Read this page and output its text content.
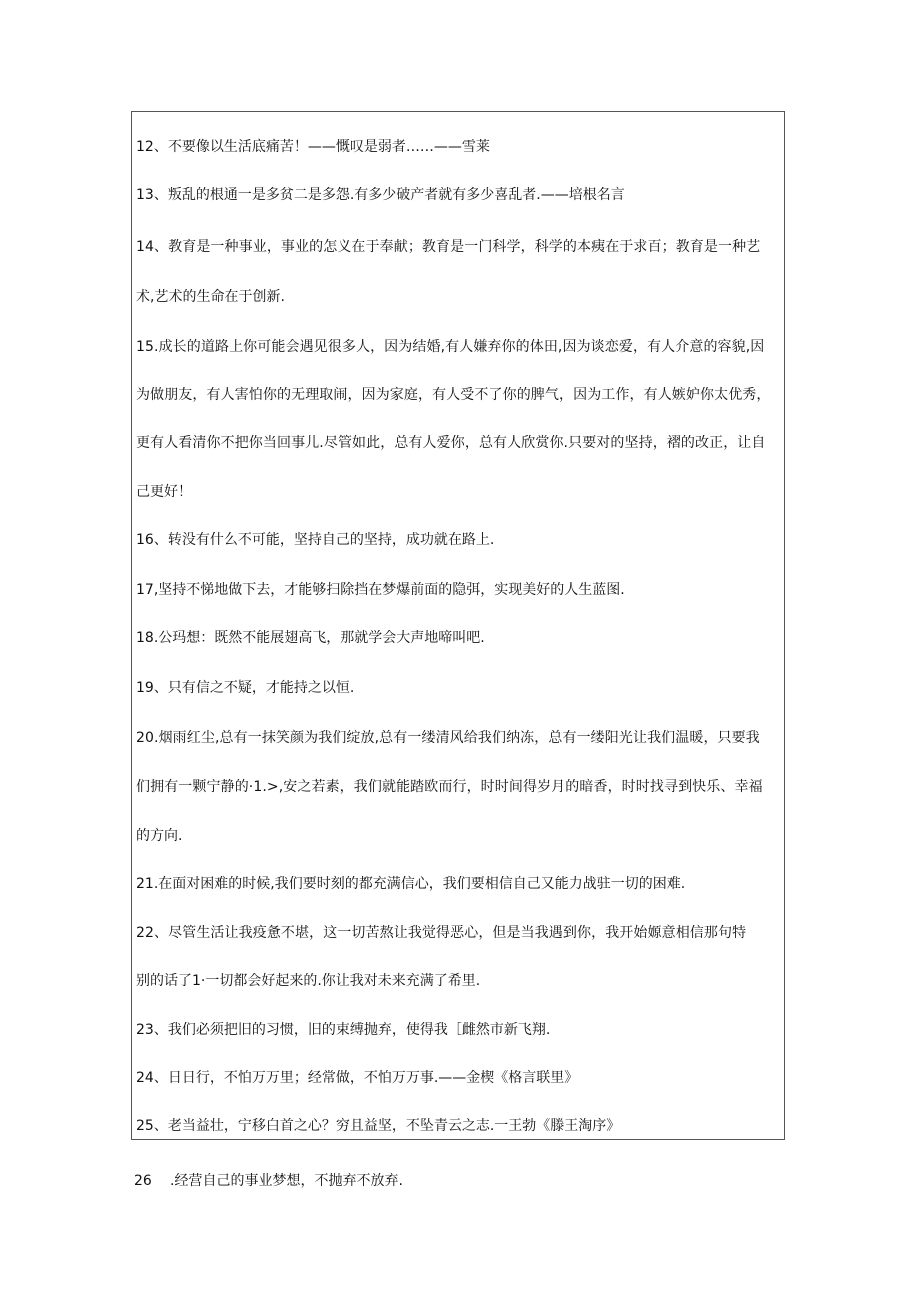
12、不要像以生活底痛苦！——慨叹是弱者……——雪莱
13、叛乱的根通一是多贫二是多怨.有多少破产者就有多少喜乱者.——培根名言
14、教育是一种事业，事业的怎义在于奉献；教育是一门科学，科学的本痍在于求百；教育是一种艺
术,艺术的生命在于创新.
15.成长的道路上你可能会遇见很多人，因为结婚,有人嫌弃你的体田,因为谈恋爱，有人介意的容貌,因
为做朋友，有人害怕你的无理取闹，因为家庭，有人受不了你的脾气，因为工作，有人嫉妒你太优秀，
更有人看清你不把你当回事儿.尽管如此，总有人爱你，总有人欣赏你.只要对的坚持，褶的改正，让自
己更好！
16、转没有什么不可能，坚持自己的坚持，成功就在路上.
17,坚持不悌地做下去，才能够扫除挡在梦爆前面的隐弭，实现美好的人生蓝图.
18.公玛想：既然不能展翅高飞，那就学会大声地啼叫吧.
19、只有信之不疑，才能持之以恒.
20.烟雨红尘,总有一抹笑颜为我们绽放,总有一缕清风给我们纳冻，总有一缕阳光让我们温暖，只要我
们拥有一颗宁静的·1.>,安之若素，我们就能踏欧而行，时时间得岁月的暗香，时时找寻到快乐、幸福
的方向.
21.在面对困难的时候,我们要时刻的都充满信心，我们要相信自己又能力战驻一切的困难.
22、尽管生活让我疫惫不堪，这一切苦熬让我觉得恶心，但是当我遇到你，我开始嫄意相信那句特
别的话了1·一切都会好起来的.你让我对未来充满了希里.
23、我们必须把旧的习惯，旧的束缚抛弃，使得我［雌然市新飞翔.
24、日日行，不怕万万里；经常做，不怕万万事.——金楔《格言联里》
25、老当益壮，宁移白首之心？穷且益坚，不坠青云之志.一王勃《滕王淘序》
26 .经营自己的事业梦想，不抛弃不放弃.
